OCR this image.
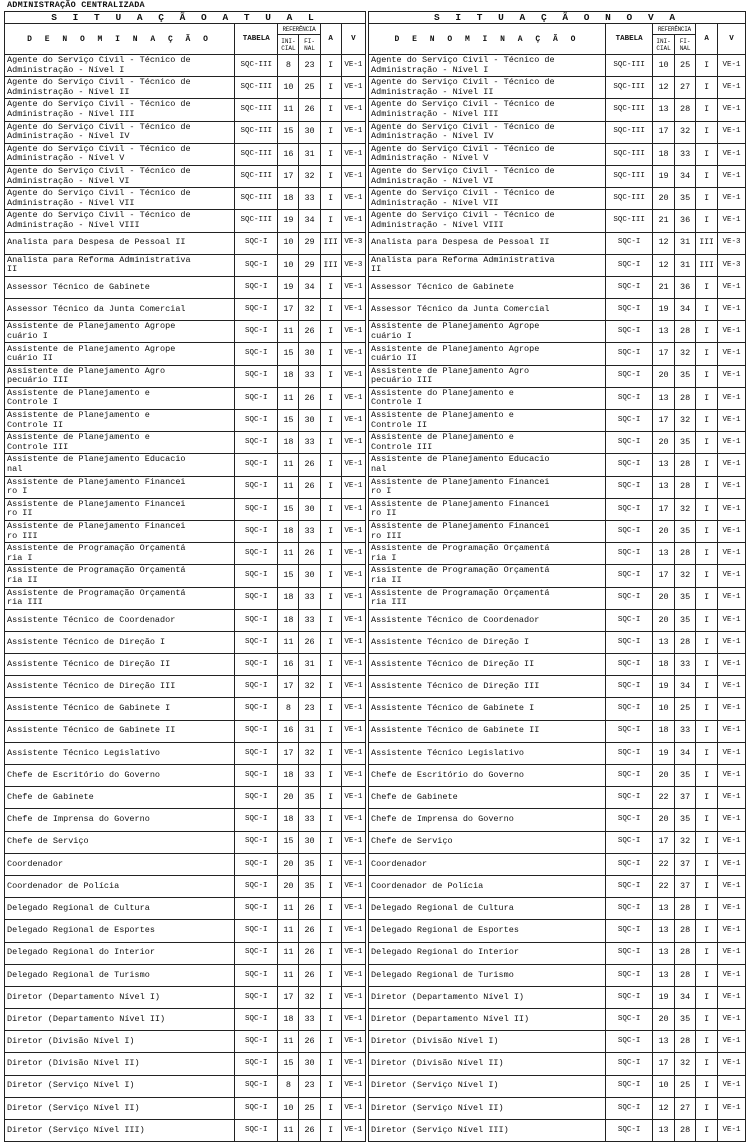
ADMINISTRAÇÃO CENTRALIZADA
S I T U A Ç Ã O A T U A L					
D E N O M I N A Ç Ã O	TABELA	REFERÊNCIA		A	V
		INI-
CIAL	FI-
NAL		
Agente do Serviço Civil - Técnico de
Administração - Nível I	SQC-III	8	23	I	VE-1
Agente do Serviço Civil - Técnico de
Administração - Nível II	SQC-III	10	25	I	VE-1
Agente do Serviço Civil - Técnico de
Administração - Nível III	SQC-III	11	26	I	VE-1
Agente do Serviço Civil - Técnico de
Administração - Nível IV	SQC-III	15	30	I	VE-1
Agente do Serviço Civil - Técnico de
Administração - Nível V	SQC-III	16	31	I	VE-1
Agente do Serviço Civil - Técnico de
Administração - Nível VI	SQC-III	17	32	I	VE-1
Agente do Serviço Civil - Técnico de
Administração - Nível VII	SQC-III	18	33	I	VE-1
Agente do Serviço Civil - Técnico de
Administração - Nível VIII	SQC-III	19	34	I	VE-1
Analista para Despesa de Pessoal II	SQC-I	10	29	III	VE-3
Analista para Reforma Administrativa
II	SQC-I	10	29	III	VE-3
Assessor Técnico de Gabinete	SQC-I	19	34	I	VE-1
Assessor Técnico da Junta Comercial	SQC-I	17	32	I	VE-1
Assistente de Planejamento Agrope
cuário I	SQC-I	11	26	I	VE-1
Assistente de Planejamento Agrope
cuário II	SQC-I	15	30	I	VE-1
Assistente de Planejamento Agro
pecuário III	SQC-I	18	33	I	VE-1
Assistente de Planejamento e
Controle I	SQC-I	11	26	I	VE-1
Assistente de Planejamento e
Controle II	SQC-I	15	30	I	VE-1
Assistente de Planejamento e
Controle III	SQC-I	18	33	I	VE-1
Assistente de Planejamento Educacio
nal	SQC-I	11	26	I	VE-1
Assistente de Planejamento Financei
ro I	SQC-I	11	26	I	VE-1
Assistente de Planejamento Financei
ro II	SQC-I	15	30	I	VE-1
Assistente de Planejamento Financei
ro III	SQC-I	18	33	I	VE-1
Assistente de Programação Orçamentá
ria I	SQC-I	11	26	I	VE-1
Assistente de Programação Orçamentá
ria II	SQC-I	15	30	I	VE-1
Assistente de Programação Orçamentá
ria III	SQC-I	18	33	I	VE-1
Assistente Técnico de Coordenador	SQC-I	18	33	I	VE-1
Assistente Técnico de Direção I	SQC-I	11	26	I	VE-1
Assistente Técnico de Direção II	SQC-I	16	31	I	VE-1
Assistente Técnico de Direção III	SQC-I	17	32	I	VE-1
Assistente Técnico de Gabinete I	SQC-I	8	23	I	VE-1
Assistente Técnico de Gabinete II	SQC-I	16	31	I	VE-1
Assistente Técnico Legislativo	SQC-I	17	32	I	VE-1
Chefe de Escritório do Governo	SQC-I	18	33	I	VE-1
Chefe de Gabinete	SQC-I	20	35	I	VE-1
Chefe de Imprensa do Governo	SQC-I	18	33	I	VE-1
Chefe de Serviço	SQC-I	15	30	I	VE-1
Coordenador	SQC-I	20	35	I	VE-1
Coordenador de Polícia	SQC-I	20	35	I	VE-1
Delegado Regional de Cultura	SQC-I	11	26	I	VE-1
Delegado Regional de Esportes	SQC-I	11	26	I	VE-1
Delegado Regional do Interior	SQC-I	11	26	I	VE-1
Delegado Regional de Turismo	SQC-I	11	26	I	VE-1
Diretor (Departamento Nível I)	SQC-I	17	32	I	VE-1
Diretor (Departamento Nível II)	SQC-I	18	33	I	VE-1
Diretor (Divisão Nível I)	SQC-I	11	26	I	VE-1
Diretor (Divisão Nível II)	SQC-I	15	30	I	VE-1
Diretor (Serviço Nível I)	SQC-I	8	23	I	VE-1
Diretor (Serviço Nível II)	SQC-I	10	25	I	VE-1
Diretor (Serviço Nível III)	SQC-I	11	26	I	VE-1
S I T U A Ç Ã O N O V A					
D E N O M I N A Ç Ã O	TABELA	REFERÊNCIA		A	V
		INI-
CIAL	FI-
NAL		
Agente do Serviço Civil - Técnico de
Administração - Nível I	SQC-III	10	25	I	VE-1
Agente do Serviço Civil - Técnico de
Administração - Nível II	SQC-III	12	27	I	VE-1
Agente do Serviço Civil - Técnico de
Administração - Nível III	SQC-III	13	28	I	VE-1
Agente do Serviço Civil - Técnico de
Administração - Nível IV	SQC-III	17	32	I	VE-1
Agente do Serviço Civil - Técnico de
Administração - Nível V	SQC-III	18	33	I	VE-1
Agente do Serviço Civil - Técnico de
Administração - Nível VI	SQC-III	19	34	I	VE-1
Agente do Serviço Civil - Técnico de
Administração - Nível VII	SQC-III	20	35	I	VE-1
Agente do Serviço Civil - Técnico de
Administração - Nível VIII	SQC-III	21	36	I	VE-1
Analista para Despesa de Pessoal II	SQC-I	12	31	III	VE-3
Analista para Reforma Administrativa
II	SQC-I	12	31	III	VE-3
Assessor Técnico de Gabinete	SQC-I	21	36	I	VE-1
Assessor Técnico da Junta Comercial	SQC-I	19	34	I	VE-1
Assistente de Planejamento Agrope
cuário I	SQC-I	13	28	I	VE-1
Assistente de Planejamento Agrope
cuário II	SQC-I	17	32	I	VE-1
Assistente de Planejamento Agro
pecuário III	SQC-I	20	35	I	VE-1
Assistente do Planejamento e
Controle I	SQC-I	13	28	I	VE-1
Assistente de Planejamento e
Controle II	SQC-I	17	32	I	VE-1
Assistente de Planejamento e
Controle III	SQC-I	20	35	I	VE-1
Assistente de Planejamento Educacio
nal	SQC-I	13	28	I	VE-1
Assistente de Planejamento Financei
ro I	SQC-I	13	28	I	VE-1
Assistente de Planejamento Financei
ro II	SQC-I	17	32	I	VE-1
Assistente de Planejamento Financei
ro III	SQC-I	20	35	I	VE-1
Assistente de Programação Orçamentá
ria I	SQC-I	13	28	I	VE-1
Assistente de Programação Orçamentá
ria II	SQC-I	17	32	I	VE-1
Assistente de Programação Orçamentá
ria III	SQC-I	20	35	I	VE-1
Assistente Técnico de Coordenador	SQC-I	20	35	I	VE-1
Assistente Técnico de Direção I	SQC-I	13	28	I	VE-1
Assistente Técnico de Direção II	SQC-I	18	33	I	VE-1
Assistente Técnico de Direção III	SQC-I	19	34	I	VE-1
Assistente Técnico de Gabinete I	SQC-I	10	25	I	VE-1
Assistente Técnico de Gabinete II	SQC-I	18	33	I	VE-1
Assistente Técnico Legislativo	SQC-I	19	34	I	VE-1
Chefe de Escritório do Governo	SQC-I	20	35	I	VE-1
Chefe de Gabinete	SQC-I	22	37	I	VE-1
Chefe de Imprensa do Governo	SQC-I	20	35	I	VE-1
Chefe de Serviço	SQC-I	17	32	I	VE-1
Coordenador	SQC-I	22	37	I	VE-1
Coordenador de Polícia	SQC-I	22	37	I	VE-1
Delegado Regional de Cultura	SQC-I	13	28	I	VE-1
Delegado Regional de Esportes	SQC-I	13	28	I	VE-1
Delegado Regional do Interior	SQC-I	13	28	I	VE-1
Delegado Regional de Turismo	SQC-I	13	28	I	VE-1
Diretor (Departamento Nível I)	SQC-I	19	34	I	VE-1
Diretor (Departamento Nível II)	SQC-I	20	35	I	VE-1
Diretor (Divisão Nível I)	SQC-I	13	28	I	VE-1
Diretor (Divisão Nível II)	SQC-I	17	32	I	VE-1
Diretor (Serviço Nível I)	SQC-I	10	25	I	VE-1
Diretor (Serviço Nível II)	SQC-I	12	27	I	VE-1
Diretor (Serviço Nível III)	SQC-I	13	28	I	VE-1
